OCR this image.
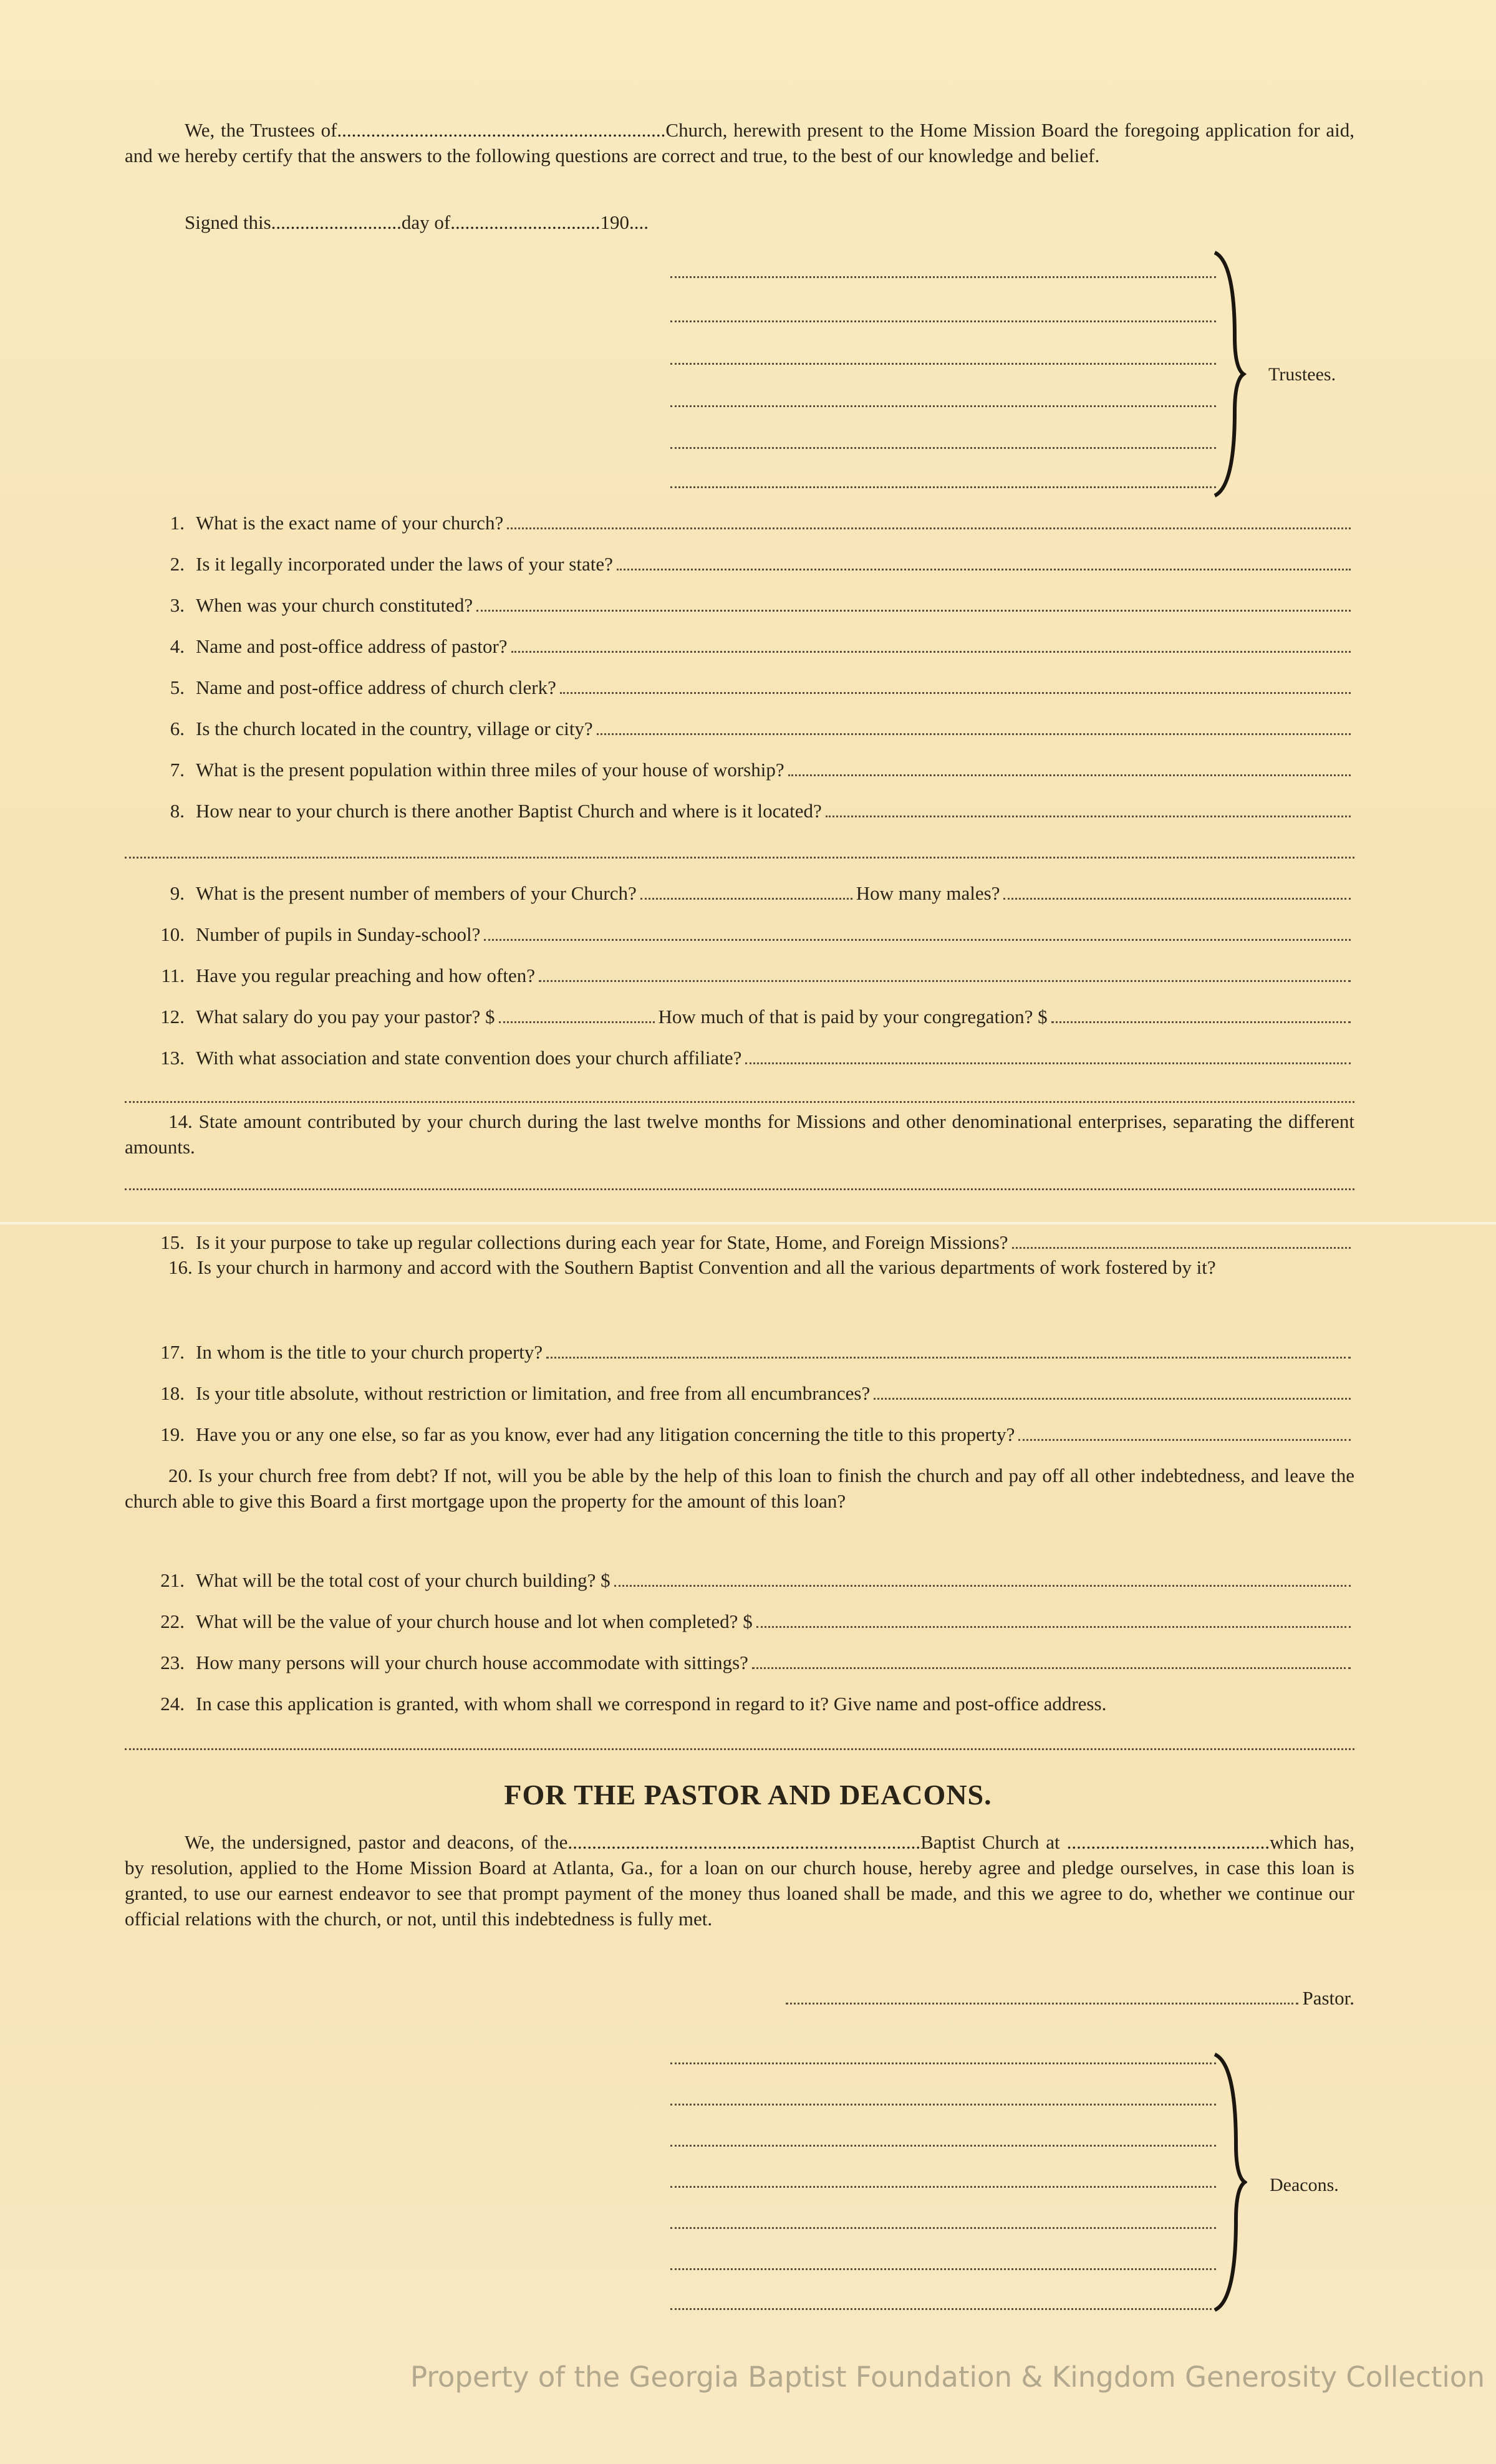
We, the Trustees of....................................................................Church, herewith present to the Home Mission Board the foregoing application for aid, and we hereby certify that the answers to the following questions are correct and true, to the best of our knowledge and belief.
Signed this...........................day of...............................190....
Trustees.
1. What is the exact name of your church?
2. Is it legally incorporated under the laws of your state?
3. When was your church constituted?
4. Name and post-office address of pastor?
5. Name and post-office address of church clerk?
6. Is the church located in the country, village or city?
7. What is the present population within three miles of your house of worship?
8. How near to your church is there another Baptist Church and where is it located?
9. What is the present number of members of your Church?	How many males?
10. Number of pupils in Sunday-school?
11. Have you regular preaching and how often?
12. What salary do you pay your pastor? $	How much of that is paid by your congregation? $
13. With what association and state convention does your church affiliate?
14. State amount contributed by your church during the last twelve months for Missions and other denominational enterprises, separating the different amounts.
15. Is it your purpose to take up regular collections during each year for State, Home, and Foreign Missions?
16. Is your church in harmony and accord with the Southern Baptist Convention and all the various departments of work fostered by it?
17. In whom is the title to your church property?
18. Is your title absolute, without restriction or limitation, and free from all encumbrances?
19. Have you or any one else, so far as you know, ever had any litigation concerning the title to this property?
20. Is your church free from debt? If not, will you be able by the help of this loan to finish the church and pay off all other indebtedness, and leave the church able to give this Board a first mortgage upon the property for the amount of this loan?
21. What will be the total cost of your church building? $
22. What will be the value of your church house and lot when completed? $
23. How many persons will your church house accommodate with sittings?
24. In case this application is granted, with whom shall we correspond in regard to it? Give name and post-office address.
FOR THE PASTOR AND DEACONS.
We, the undersigned, pastor and deacons, of the.........................................................................Baptist Church at ..........................................which has, by resolution, applied to the Home Mission Board at Atlanta, Ga., for a loan on our church house, hereby agree and pledge ourselves, in case this loan is granted, to use our earnest endeavor to see that prompt payment of the money thus loaned shall be made, and this we agree to do, whether we continue our official relations with the church, or not, until this indebtedness is fully met.
Pastor.
Deacons.
Property of the Georgia Baptist Foundation & Kingdom Generosity Collection
